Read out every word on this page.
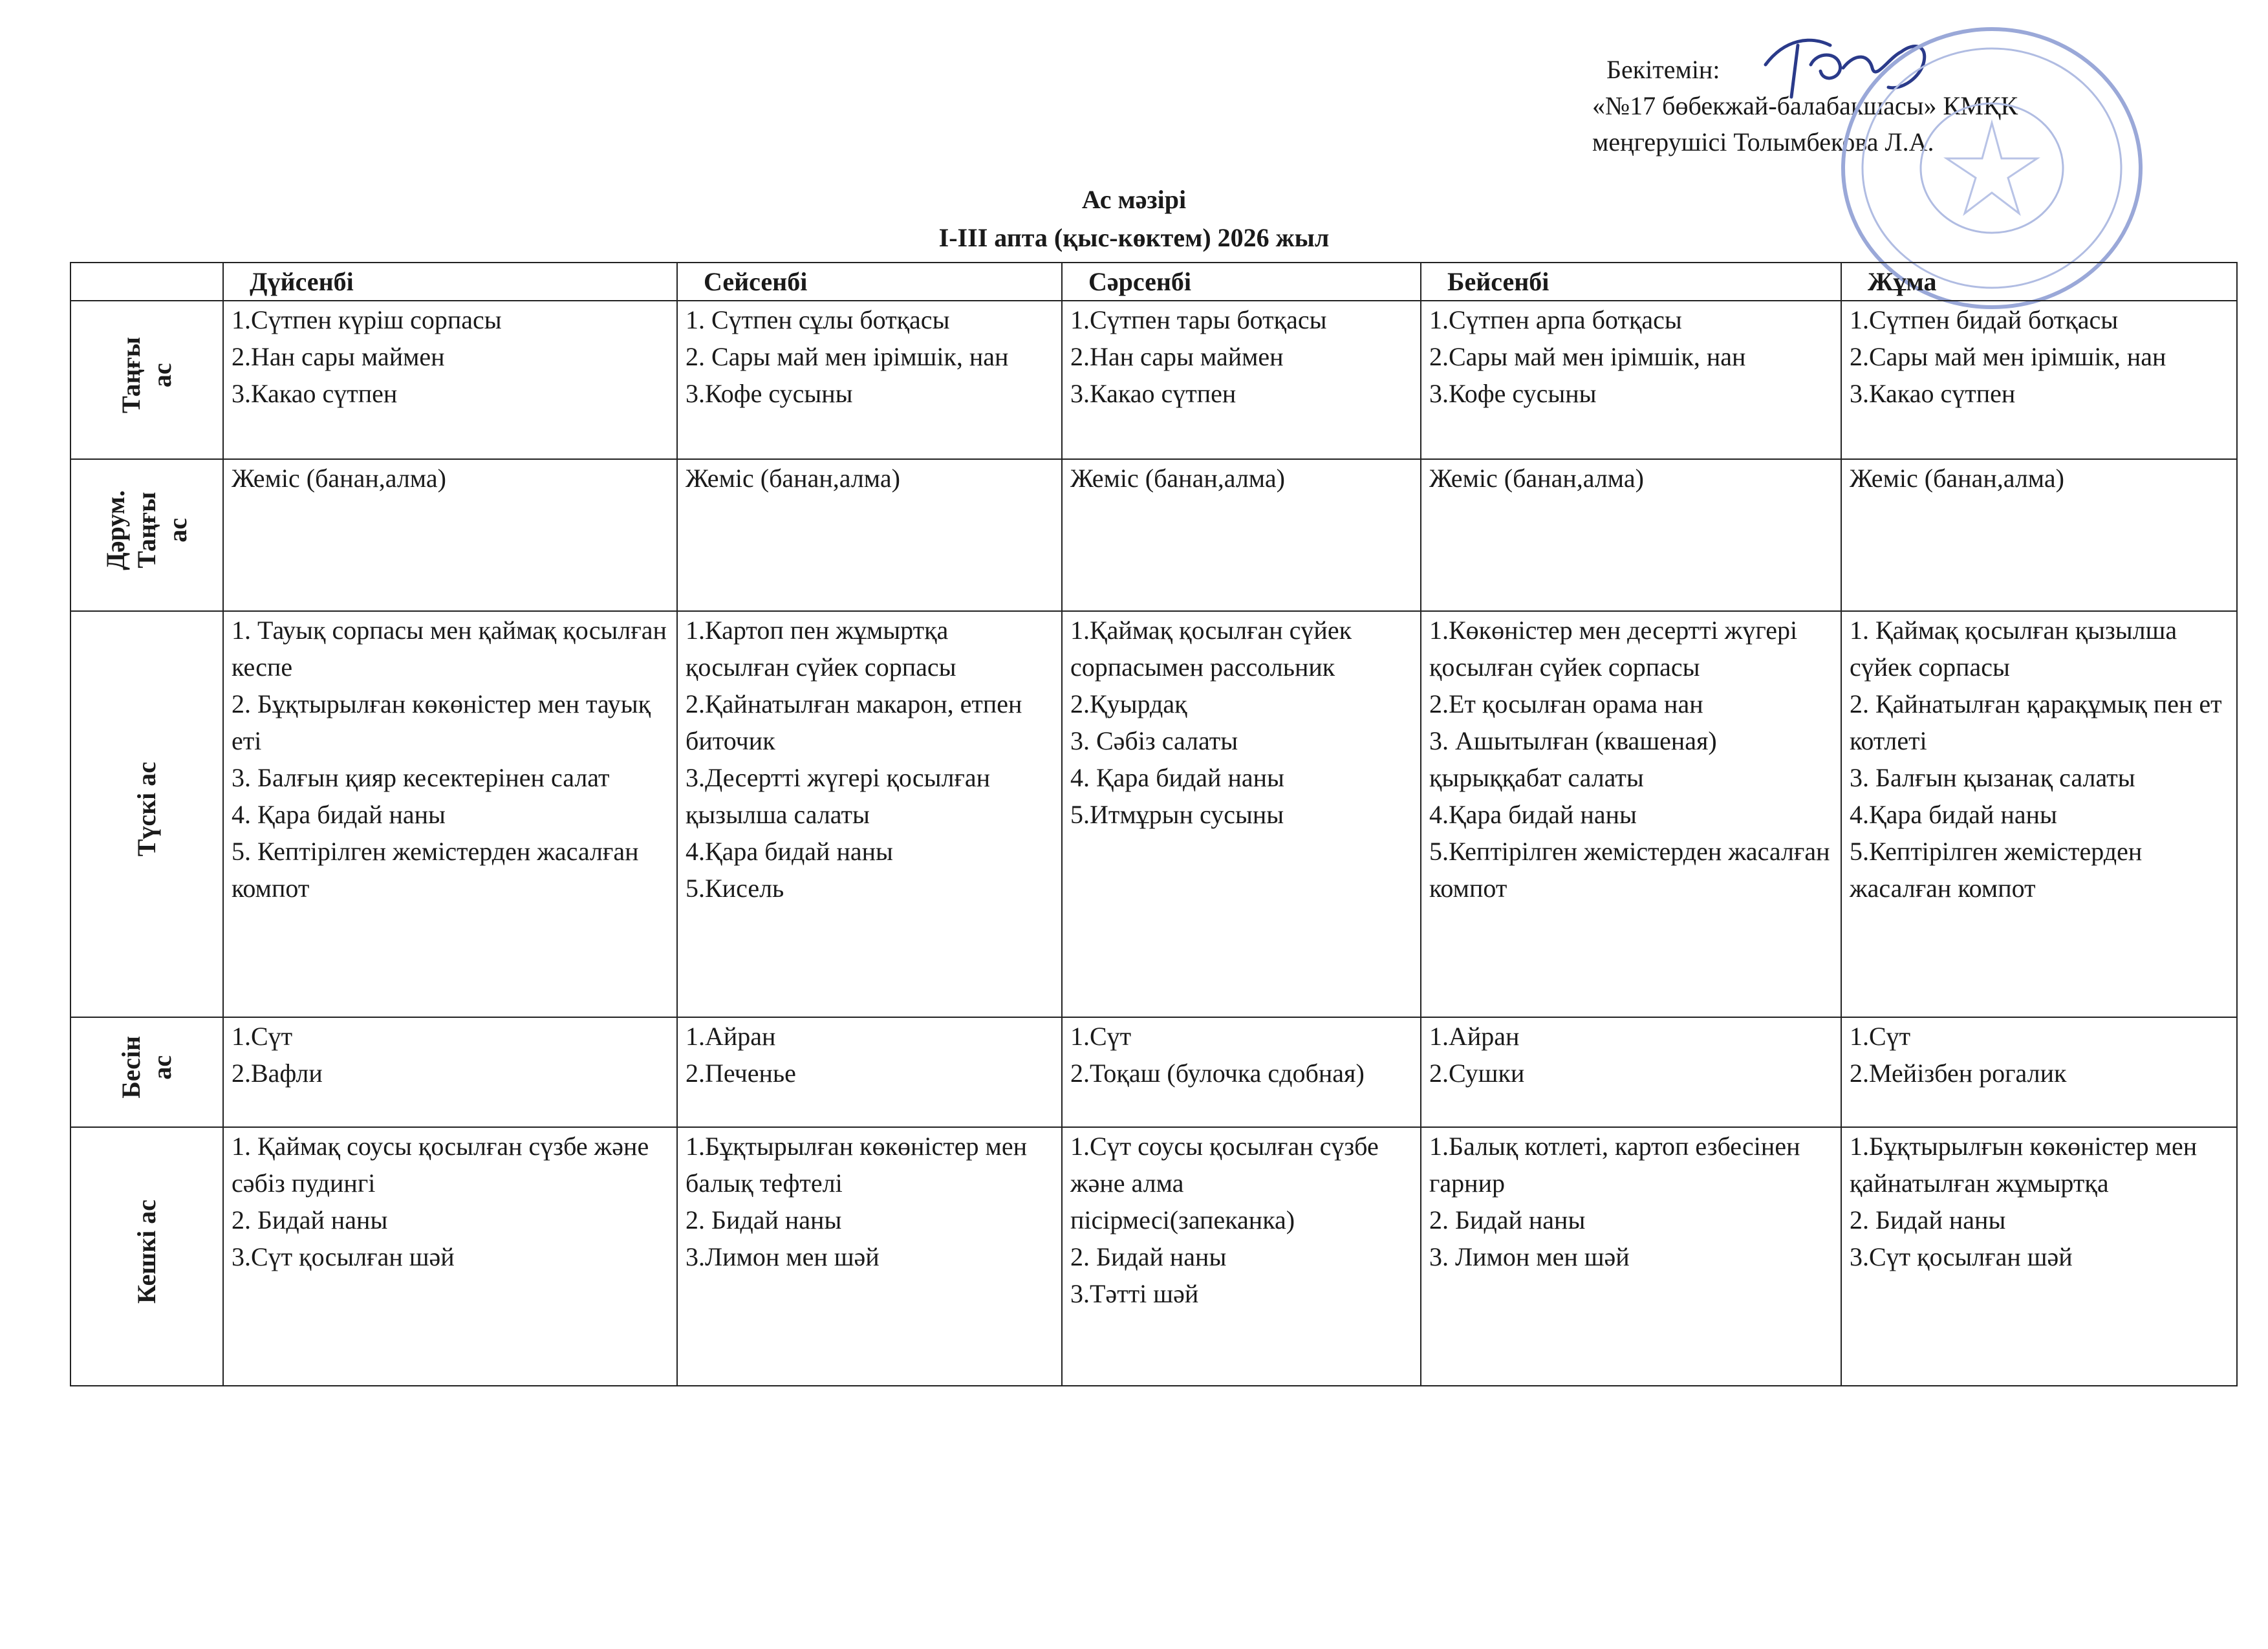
Бекітемін:
«№17 бөбекжай-балабакшасы» КМҚК
меңгерушісі Толымбекова Л.А.
Ас мәзірі
I-III апта (қыс-көктем) 2026 жыл
	Дүйсенбі	Сейсенбі	Сәрсенбі	Бейсенбі	Жұма
Таңғы
ас	1.Сүтпен күріш сорпасы
2.Нан сары маймен
3.Какао сүтпен	1. Сүтпен сұлы ботқасы
2. Сары май мен ірімшік, нан
3.Кофе сусыны	1.Сүтпен тары ботқасы
2.Нан сары маймен
3.Какао сүтпен	1.Сүтпен арпа ботқасы
2.Сары май мен ірімшік, нан
3.Кофе сусыны	1.Сүтпен бидай ботқасы
2.Сары май мен ірімшік, нан
3.Какао сүтпен

Дәрум.
Таңғы
ас	Жеміс (банан,алма)	Жеміс (банан,алма)	Жеміс (банан,алма)	Жеміс (банан,алма)	Жеміс (банан,алма)

Түскі ас	1. Тауық сорпасы мен қаймақ қосылған кеспе
2. Бұқтырылған көкөністер мен тауық еті
3. Балғын қияр кесектерінен салат
4. Қара бидай наны
5. Кептірілген жемістерден жасалған компот	1.Картоп пен жұмыртқа қосылған сүйек сорпасы
2.Қайнатылған макарон, етпен биточик
3.Десертті жүгері қосылған қызылша салаты
4.Қара бидай наны
5.Кисель	1.Қаймақ қосылған сүйек сорпасымен рассольник
2.Қуырдақ
3. Сәбіз салаты
4. Қара бидай наны
5.Итмұрын сусыны	1.Көкөністер мен десертті жүгері қосылған сүйек сорпасы
2.Ет қосылған орама нан
3. Ашытылған (квашеная) қырыққабат салаты
4.Қара бидай наны
5.Кептірілген жемістерден жасалған компот	1. Қаймақ қосылған қызылша сүйек сорпасы
2. Қайнатылған қарақұмық пен ет котлеті
3. Балғын қызанақ салаты
4.Қара бидай наны
5.Кептірілген жемістерден жасалған компот

Бесін
ас	1.Сүт
2.Вафли	1.Айран
2.Печенье	1.Сүт
2.Тоқаш (булочка сдобная)	1.Айран
2.Сушки	1.Сүт
2.Мейізбен рогалик

Кешкі ас	1. Қаймақ соусы қосылған сүзбе және сәбіз пудингі
2. Бидай наны
3.Сүт қосылған шәй	1.Бұқтырылған көкөністер мен балық тефтелі
2. Бидай наны
3.Лимон мен шәй	1.Сүт соусы қосылған сүзбе және алма пісірмесі(запеканка)
2. Бидай наны
3.Тәтті шәй	1.Балық котлеті, картоп езбесінен гарнир
2. Бидай наны
3. Лимон мен шәй	1.Бұқтырылғын көкөністер мен қайнатылған жұмыртқа
2. Бидай наны
3.Сүт қосылған шәй
